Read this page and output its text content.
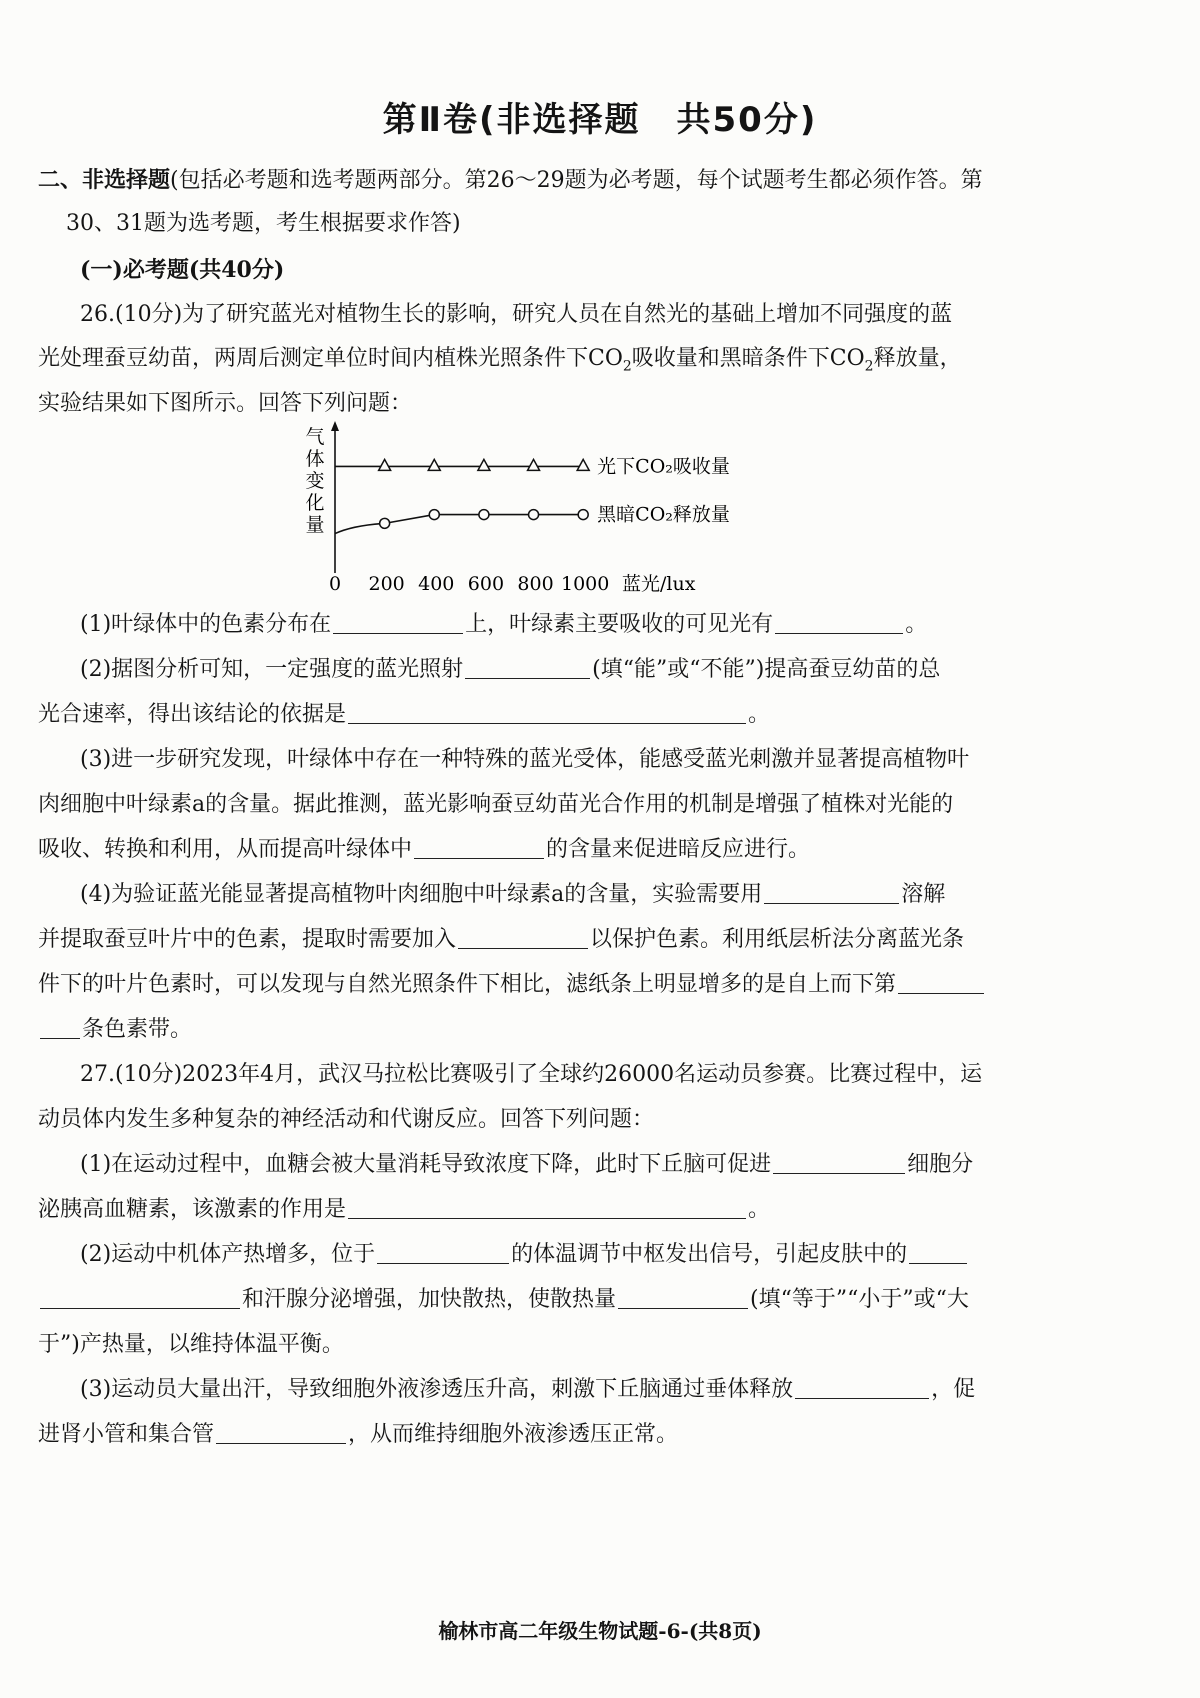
第Ⅱ卷(非选择题　共50分)
二、非选择题(包括必考题和选考题两部分。第26～29题为必考题，每个试题考生都必须作答。第
30、31题为选考题，考生根据要求作答)
(一)必考题(共40分)
26.(10分)为了研究蓝光对植物生长的影响，研究人员在自然光的基础上增加不同强度的蓝
光处理蚕豆幼苗，两周后测定单位时间内植株光照条件下$CO_2$吸收量和黑暗条件下$CO_2$释放量，
实验结果如下图所示。回答下列问题：
气体变化量
光下CO₂吸收量
黑暗CO₂释放量
0 200 400 600 800 1000 蓝光/lux
(1)叶绿体中的色素分布在	上，叶绿素主要吸收的可见光有	。
(2)据图分析可知，一定强度的蓝光照射	(填“能”或“不能”)提高蚕豆幼苗的总
光合速率，得出该结论的依据是	。
(3)进一步研究发现，叶绿体中存在一种特殊的蓝光受体，能感受蓝光刺激并显著提高植物叶
肉细胞中叶绿素a的含量。据此推测，蓝光影响蚕豆幼苗光合作用的机制是增强了植株对光能的
吸收、转换和利用，从而提高叶绿体中	的含量来促进暗反应进行。
(4)为验证蓝光能显著提高植物叶肉细胞中叶绿素a的含量，实验需要用	溶解
并提取蚕豆叶片中的色素，提取时需要加入	以保护色素。利用纸层析法分离蓝光条
件下的叶片色素时，可以发现与自然光照条件下相比，滤纸条上明显增多的是自上而下第
条色素带。
27.(10分)2023年4月，武汉马拉松比赛吸引了全球约26000名运动员参赛。比赛过程中，运
动员体内发生多种复杂的神经活动和代谢反应。回答下列问题：
(1)在运动过程中，血糖会被大量消耗导致浓度下降，此时下丘脑可促进	细胞分
泌胰高血糖素，该激素的作用是	。
(2)运动中机体产热增多，位于	的体温调节中枢发出信号，引起皮肤中的
和汗腺分泌增强，加快散热，使散热量	(填“等于”“小于”或“大
于”)产热量，以维持体温平衡。
(3)运动员大量出汗，导致细胞外液渗透压升高，刺激下丘脑通过垂体释放	，促
进肾小管和集合管	，从而维持细胞外液渗透压正常。
榆林市高二年级生物试题-6-(共8页)
